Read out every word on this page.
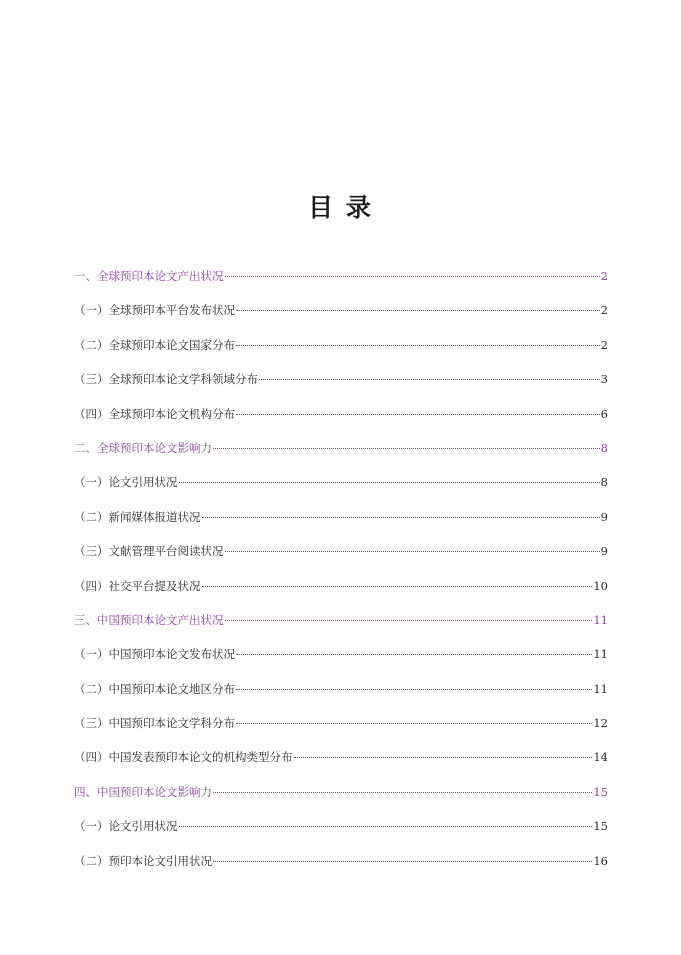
目 录
一、全球预印本论文产出状况	2
（一）全球预印本平台发布状况	2
（二）全球预印本论文国家分布	2
（三）全球预印本论文学科领域分布	3
（四）全球预印本论文机构分布	6
二、全球预印本论文影响力	8
（一）论文引用状况	8
（二）新闻媒体报道状况	9
（三）文献管理平台阅读状况	9
（四）社交平台提及状况	10
三、中国预印本论文产出状况	11
（一）中国预印本论文发布状况	11
（二）中国预印本论文地区分布	11
（三）中国预印本论文学科分布	12
（四）中国发表预印本论文的机构类型分布	14
四、中国预印本论文影响力	15
（一）论文引用状况	15
（二）预印本论文引用状况	16
